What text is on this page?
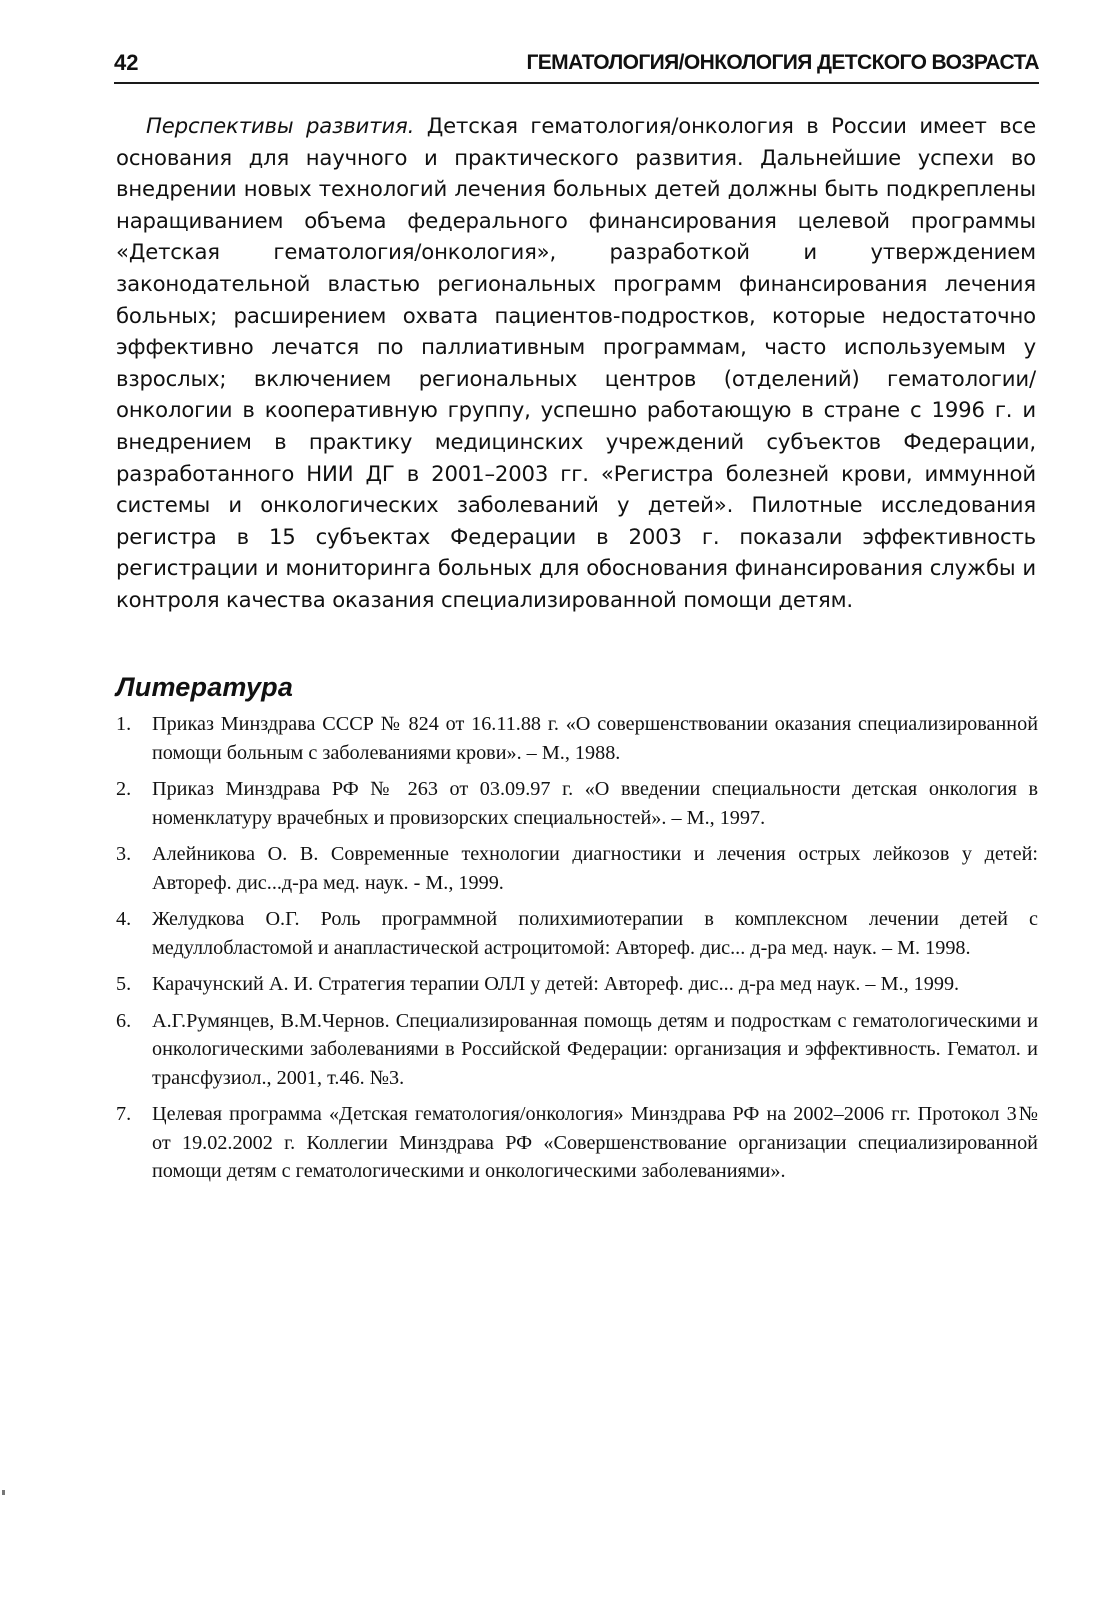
42	ГЕМАТОЛОГИЯ/ОНКОЛОГИЯ ДЕТСКОГО ВОЗРАСТА

Перспективы развития. Детская гематология/онкология в России имеет все основания для научного и практического развития. Дальнейшие успехи во внедрении новых технологий лечения больных детей должны быть подкреплены наращиванием объема федерального финансирования целевой программы «Детская гематология/онкология», разработкой и утверждением законодательной властью региональных программ финансирования лечения больных; расширением охвата пациентов-подростков, которые недостаточно эффективно лечатся по паллиативным программам, часто используемым у взрослых; включением региональных центров (отделений) гематологии/онкологии в кооперативную группу, успешно работающую в стране с 1996 г. и внедрением в практику медицинских учреждений субъектов Федерации, разработанного НИИ ДГ в 2001–2003 гг. «Регистра болезней крови, иммунной системы и онкологических заболеваний у детей». Пилотные исследования регистра в 15 субъектах Федерации в 2003 г. показали эффективность регистрации и мониторинга больных для обоснования финансирования службы и контроля качества оказания специализированной помощи детям.

Литература
1. Приказ Минздрава СССР № 824 от 16.11.88 г. «О совершенствовании оказания специализированной помощи больным с заболеваниями крови». – М., 1988.
2. Приказ Минздрава РФ № 263 от 03.09.97 г. «О введении специальности детская онкология в номенклатуру врачебных и провизорских специальностей». – М., 1997.
3. Алейникова О. В. Современные технологии диагностики и лечения острых лейкозов у детей: Автореф. дис...д-ра мед. наук. - М., 1999.
4. Желудкова О.Г. Роль программной полихимиотерапии в комплексном лечении детей с медуллобластомой и анапластической астроцитомой: Автореф. дис... д-ра мед. наук. – М. 1998.
5. Карачунский А. И. Стратегия терапии ОЛЛ у детей: Автореф. дис... д-ра мед наук. – М., 1999.
6. А.Г.Румянцев, В.М.Чернов. Специализированная помощь детям и подросткам с гематологическими и онкологическими заболеваниями в Российской Федерации: организация и эффективность. Гематол. и трансфузиол., 2001, т.46. №3.
7. Целевая программа «Детская гематология/онкология» Минздрава РФ на 2002–2006 гг. Протокол 3№ от 19.02.2002 г. Коллегии Минздрава РФ «Совершенствование организации специализированной помощи детям с гематологическими и онкологическими заболеваниями».
